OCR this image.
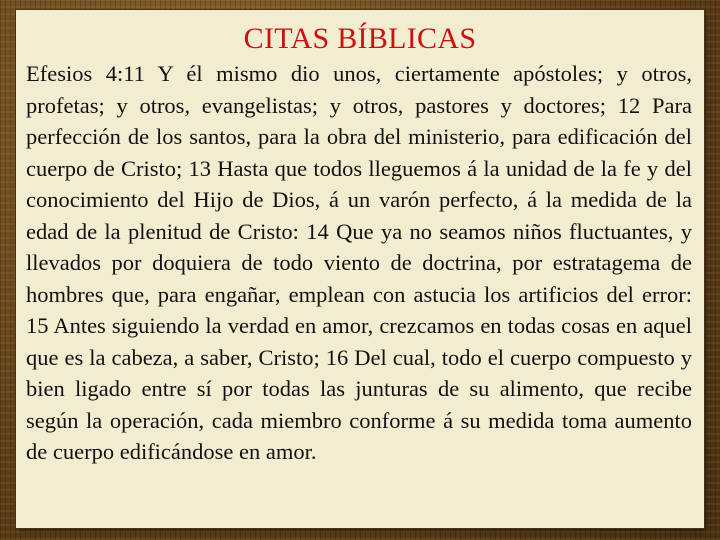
CITAS BÍBLICAS

Efesios 4:11 Y él mismo dio unos, ciertamente apóstoles; y otros, profetas; y otros, evangelistas; y otros, pastores y doctores; 12 Para perfección de los santos, para la obra del ministerio, para edificación del cuerpo de Cristo; 13 Hasta que todos lleguemos á la unidad de la fe y del conocimiento del Hijo de Dios, á un varón perfecto, á la medida de la edad de la plenitud de Cristo: 14 Que ya no seamos niños fluctuantes, y llevados por doquiera de todo viento de doctrina, por estratagema de hombres que, para engañar, emplean con astucia los artificios del error: 15 Antes siguiendo la verdad en amor, crezcamos en todas cosas en aquel que es la cabeza, a saber, Cristo; 16 Del cual, todo el cuerpo compuesto y bien ligado entre sí por todas las junturas de su alimento, que recibe según la operación, cada miembro conforme á su medida toma aumento de cuerpo edificándose en amor.
